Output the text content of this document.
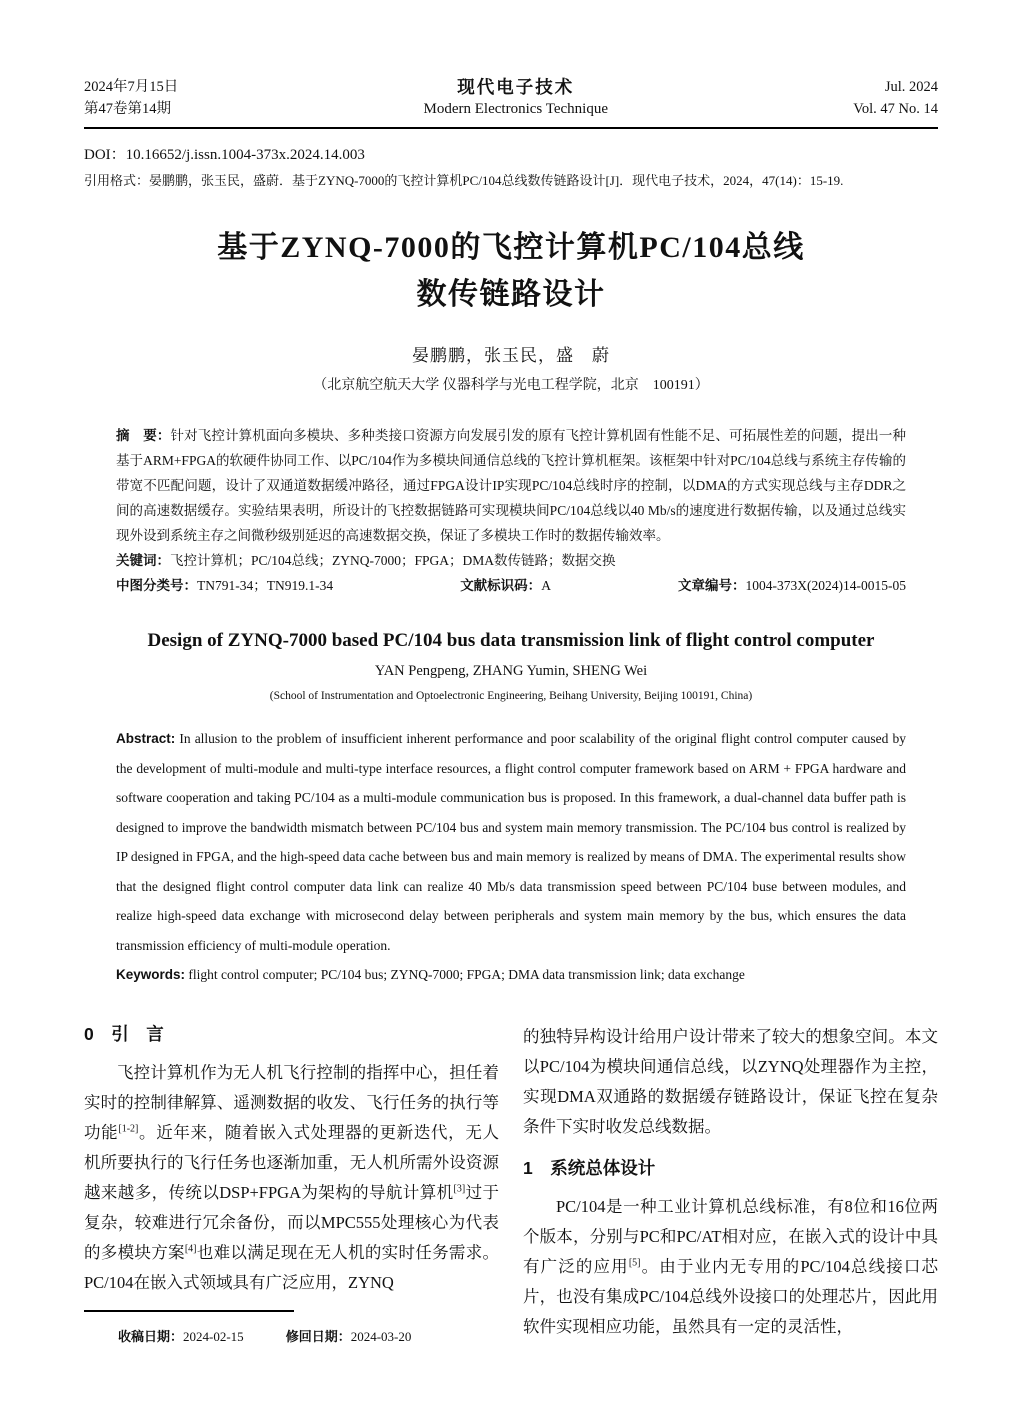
2024年7月15日
第47卷第14期
现代电子技术
Modern Electronics Technique
Jul. 2024
Vol. 47 No. 14
DOI：10.16652/j.issn.1004-373x.2024.14.003
引用格式：晏鹏鹏，张玉民，盛蔚．基于ZYNQ-7000的飞控计算机PC/104总线数传链路设计[J]．现代电子技术，2024，47(14)：15-19.
基于ZYNQ-7000的飞控计算机PC/104总线
数传链路设计
晏鹏鹏，张玉民，盛　蔚
（北京航空航天大学 仪器科学与光电工程学院，北京　100191）

摘　要：针对飞控计算机面向多模块、多种类接口资源方向发展引发的原有飞控计算机固有性能不足、可拓展性差的问题，提出一种基于ARM+FPGA的软硬件协同工作、以PC/104作为多模块间通信总线的飞控计算机框架。该框架中针对PC/104总线与系统主存传输的带宽不匹配问题，设计了双通道数据缓冲路径，通过FPGA设计IP实现PC/104总线时序的控制，以DMA的方式实现总线与主存DDR之间的高速数据缓存。实验结果表明，所设计的飞控数据链路可实现模块间PC/104总线以40 Mb/s的速度进行数据传输，以及通过总线实现外设到系统主存之间微秒级别延迟的高速数据交换，保证了多模块工作时的数据传输效率。

关键词：飞控计算机；PC/104总线；ZYNQ-7000；FPGA；DMA数传链路；数据交换

中图分类号：TN791-34；TN919.1-34	文献标识码：A	文章编号：1004-373X(2024)14-0015-05
Design of ZYNQ-7000 based PC/104 bus data transmission link of flight control computer
YAN Pengpeng, ZHANG Yumin, SHENG Wei
(School of Instrumentation and Optoelectronic Engineering, Beihang University, Beijing 100191, China)

Abstract: In allusion to the problem of insufficient inherent performance and poor scalability of the original flight control computer caused by the development of multi-module and multi-type interface resources, a flight control computer framework based on ARM + FPGA hardware and software cooperation and taking PC/104 as a multi-module communication bus is proposed. In this framework, a dual-channel data buffer path is designed to improve the bandwidth mismatch between PC/104 bus and system main memory transmission. The PC/104 bus control is realized by IP designed in FPGA, and the high-speed data cache between bus and main memory is realized by means of DMA. The experimental results show that the designed flight control computer data link can realize 40 Mb/s data transmission speed between PC/104 buse between modules, and realize high-speed data exchange with microsecond delay between peripherals and system main memory by the bus, which ensures the data transmission efficiency of multi-module operation.

Keywords: flight control computer; PC/104 bus; ZYNQ-7000; FPGA; DMA data transmission link; data exchange

0　引　言

飞控计算机作为无人机飞行控制的指挥中心，担任着实时的控制律解算、遥测数据的收发、飞行任务的执行等功能[1-2]。近年来，随着嵌入式处理器的更新迭代，无人机所要执行的飞行任务也逐渐加重，无人机所需外设资源越来越多，传统以DSP+FPGA为架构的导航计算机[3]过于复杂，较难进行冗余备份，而以MPC555处理核心为代表的多模块方案[4]也难以满足现在无人机的实时任务需求。PC/104在嵌入式领域具有广泛应用，ZYNQ

收稿日期：2024-02-15	修回日期：2024-03-20

的独特异构设计给用户设计带来了较大的想象空间。本文以PC/104为模块间通信总线，以ZYNQ处理器作为主控，实现DMA双通路的数据缓存链路设计，保证飞控在复杂条件下实时收发总线数据。

1　系统总体设计

PC/104是一种工业计算机总线标准，有8位和16位两个版本，分别与PC和PC/AT相对应，在嵌入式的设计中具有广泛的应用[5]。由于业内无专用的PC/104总线接口芯片，也没有集成PC/104总线外设接口的处理芯片，因此用软件实现相应功能，虽然具有一定的灵活性，
